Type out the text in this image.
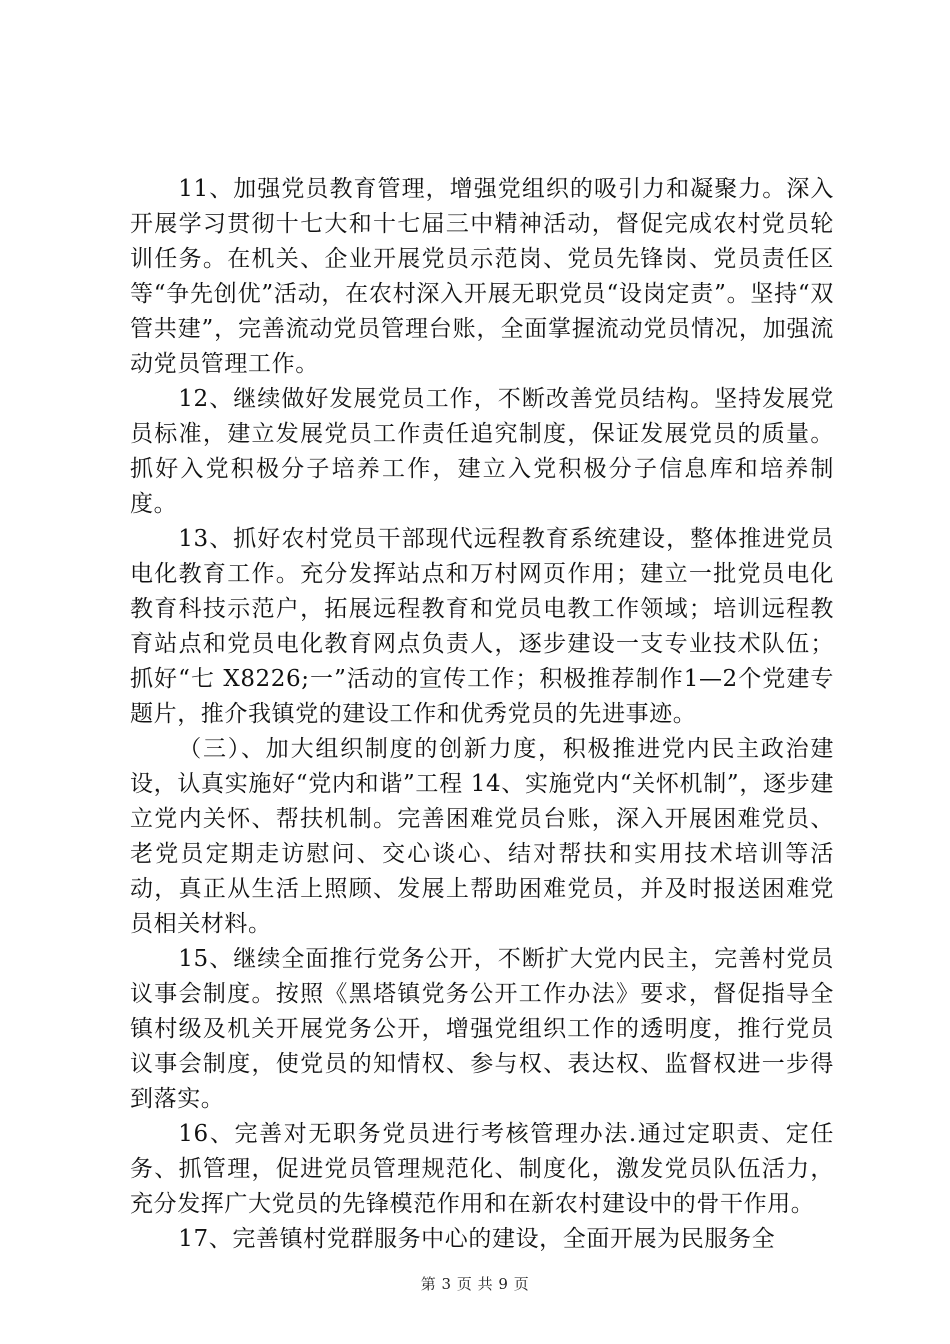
11、加强党员教育管理，增强党组织的吸引力和凝聚力。深入开展学习贯彻十七大和十七届三中精神活动，督促完成农村党员轮训任务。在机关、企业开展党员示范岗、党员先锋岗、党员责任区等“争先创优”活动，在农村深入开展无职党员“设岗定责”。坚持“双管共建”，完善流动党员管理台账，全面掌握流动党员情况，加强流动党员管理工作。

12、继续做好发展党员工作，不断改善党员结构。坚持发展党员标准，建立发展党员工作责任追究制度，保证发展党员的质量。抓好入党积极分子培养工作，建立入党积极分子信息库和培养制度。

13、抓好农村党员干部现代远程教育系统建设，整体推进党员电化教育工作。充分发挥站点和万村网页作用；建立一批党员电化教育科技示范户，拓展远程教育和党员电教工作领域；培训远程教育站点和党员电化教育网点负责人，逐步建设一支专业技术队伍；抓好“七 X8226;一”活动的宣传工作；积极推荐制作1—2个党建专题片，推介我镇党的建设工作和优秀党员的先进事迹。

（三）、加大组织制度的创新力度，积极推进党内民主政治建设，认真实施好“党内和谐”工程 14、实施党内“关怀机制”，逐步建立党内关怀、帮扶机制。完善困难党员台账，深入开展困难党员、老党员定期走访慰问、交心谈心、结对帮扶和实用技术培训等活动，真正从生活上照顾、发展上帮助困难党员，并及时报送困难党员相关材料。

15、继续全面推行党务公开，不断扩大党内民主，完善村党员议事会制度。按照《黑塔镇党务公开工作办法》要求，督促指导全镇村级及机关开展党务公开，增强党组织工作的透明度，推行党员议事会制度，使党员的知情权、参与权、表达权、监督权进一步得到落实。

16、完善对无职务党员进行考核管理办法.通过定职责、定任务、抓管理，促进党员管理规范化、制度化，激发党员队伍活力，充分发挥广大党员的先锋模范作用和在新农村建设中的骨干作用。

17、完善镇村党群服务中心的建设，全面开展为民服务全

第 3 页 共 9 页
